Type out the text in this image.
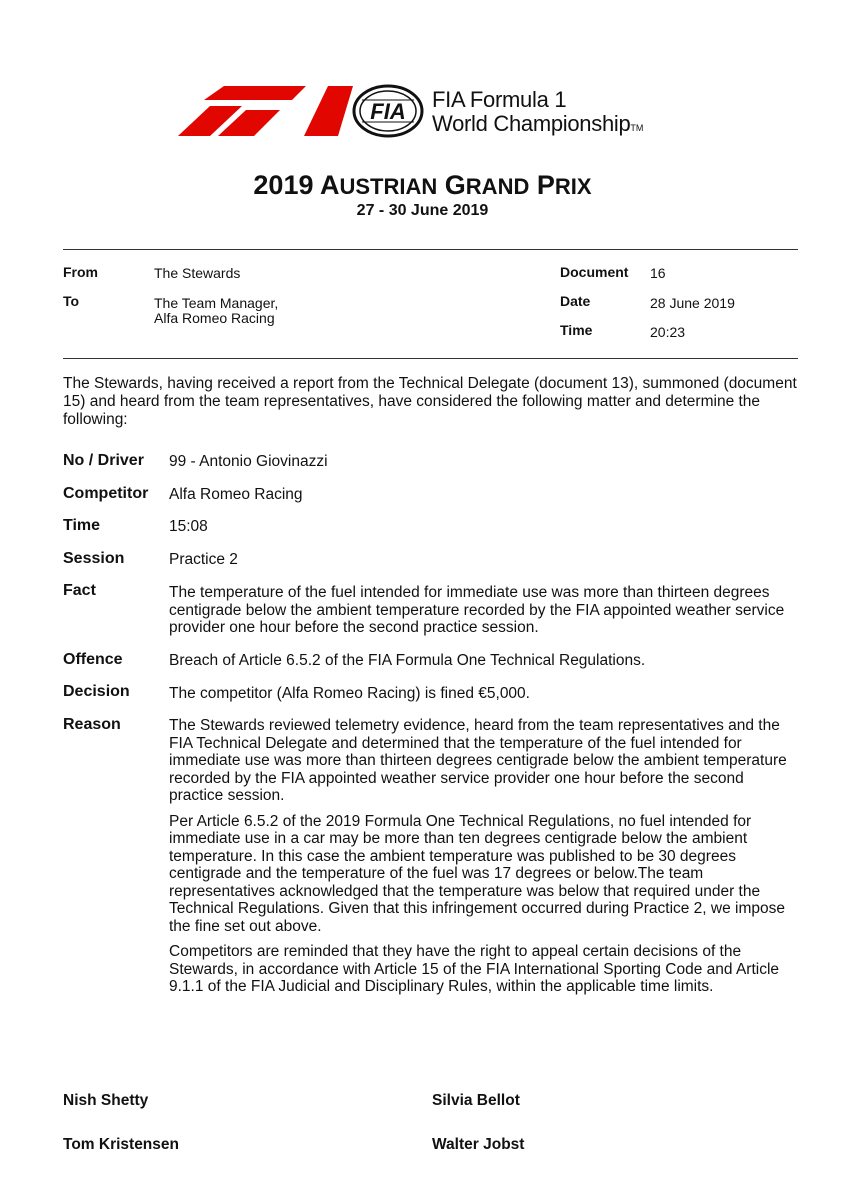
FIA FIA Formula 1
World ChampionshipTM
2019 AUSTRIAN GRAND PRIX
27 - 30 June 2019
From	The Stewards
To	The Team Manager,
Alfa Romeo Racing
Document 16
Date	28 June 2019
Time	20:23
The Stewards, having received a report from the Technical Delegate (document 13), summoned (document 15) and heard from the team representatives, have considered the following matter and determine the following:
No / Driver 99 - Antonio Giovinazzi
Competitor Alfa Romeo Racing
Time	15:08
Session	Practice 2
Fact	The temperature of the fuel intended for immediate use was more than thirteen degrees centigrade below the ambient temperature recorded by the FIA appointed weather service provider one hour before the second practice session.
Offence	Breach of Article 6.5.2 of the FIA Formula One Technical Regulations.
Decision	The competitor (Alfa Romeo Racing) is fined €5,000.
Reason	The Stewards reviewed telemetry evidence, heard from the team representatives and the FIA Technical Delegate and determined that the temperature of the fuel intended for immediate use was more than thirteen degrees centigrade below the ambient temperature recorded by the FIA appointed weather service provider one hour before the second practice session.

Per Article 6.5.2 of the 2019 Formula One Technical Regulations, no fuel intended for immediate use in a car may be more than ten degrees centigrade below the ambient temperature. In this case the ambient temperature was published to be 30 degrees centigrade and the temperature of the fuel was 17 degrees or below.The team representatives acknowledged that the temperature was below that required under the Technical Regulations. Given that this infringement occurred during Practice 2, we impose the fine set out above.

Competitors are reminded that they have the right to appeal certain decisions of the Stewards, in accordance with Article 15 of the FIA International Sporting Code and Article 9.1.1 of the FIA Judicial and Disciplinary Rules, within the applicable time limits.

Nish Shetty	Silvia Bellot
Tom Kristensen	Walter Jobst
